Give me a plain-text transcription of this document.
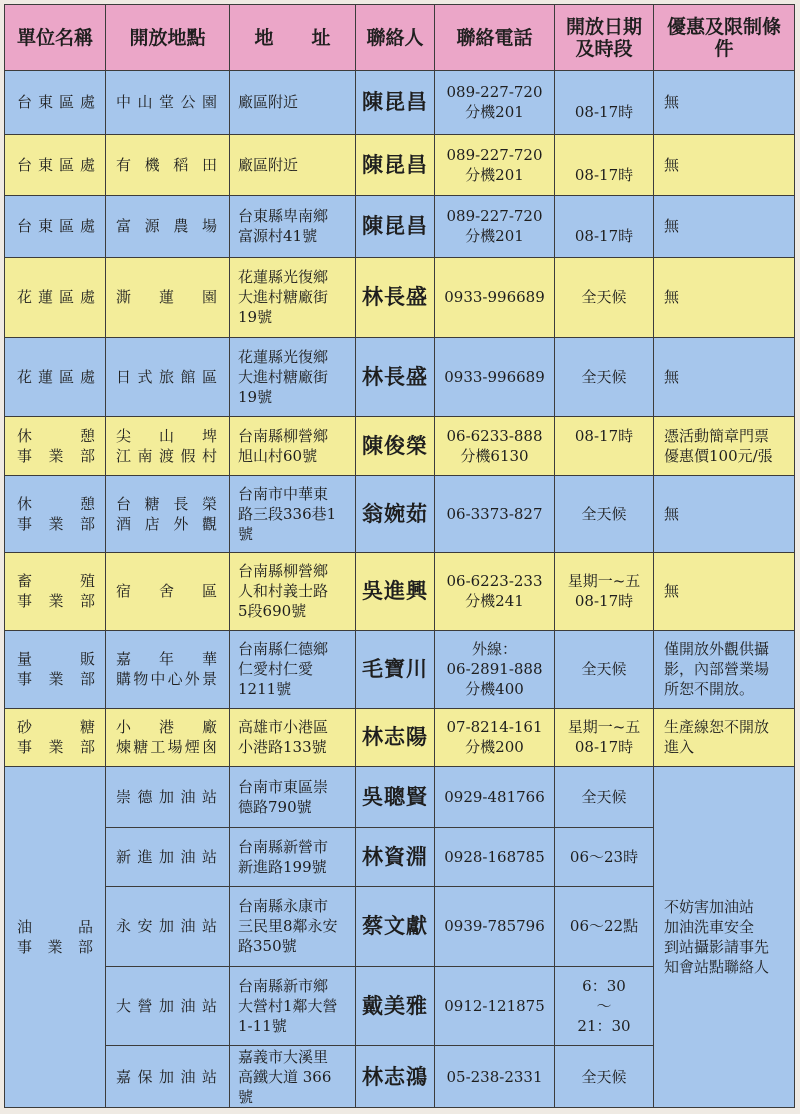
單位名稱	開放地點	地　　址	聯絡人	聯絡電話	開放日期
及時段	優惠及限制條件

台東區處	中山堂公園	廠區附近	陳昆昌	089-227-720
分機201	08-17時	無

台東區處	有機稻田	廠區附近	陳昆昌	089-227-720
分機201	08-17時	無

台東區處	富源農場	台東縣卑南鄉
富源村41號	陳昆昌	089-227-720
分機201	08-17時	無

花蓮區處	澌蓮園	花蓮縣光復鄉
大進村糖廠街
19號	林長盛	0933-996689	全天候	無

花蓮區處	日式旅館區	花蓮縣光復鄉
大進村糖廠街
19號	林長盛	0933-996689	全天候	無

休憩
事業部	尖山埤
江南渡假村	台南縣柳營鄉
旭山村60號	陳俊榮	06-6233-888
分機6130	08-17時	憑活動簡章門票
優惠價100元/張

休憩
事業部	台糖長榮
酒店外觀	台南市中華東
路三段336巷1
號	翁婉茹	06-3373-827	全天候	無

畜殖
事業部	宿舍區	台南縣柳營鄉
人和村義士路
5段690號	吳進興	06-6223-233
分機241	星期一~五
08-17時	無

量販
事業部	嘉年華
購物中心外景	台南縣仁德鄉
仁愛村仁愛
1211號	毛寶川	外線：
06-2891-888
分機400	全天候	僅開放外觀供攝
影，內部營業場
所恕不開放。

砂糖
事業部	小港廠
煉糖工場煙囪	高雄市小港區
小港路133號	林志陽	07-8214-161
分機200	星期一~五
08-17時	生產線恕不開放
進入

油品
事業部	崇德加油站	台南市東區崇
德路790號	吳聰賢	0929-481766	全天候	不妨害加油站
加油洗車安全
到站攝影請事先
知會站點聯絡人

	新進加油站	台南縣新營市
新進路199號	林資淵	0928-168785	06～23時	

	永安加油站	台南縣永康市
三民里8鄰永安
路350號	蔡文獻	0939-785796	06～22點	

	大營加油站	台南縣新市鄉
大營村1鄰大營
1-11號	戴美雅	0912-121875	6：30
～
21：30	

	嘉保加油站	嘉義市大溪里
高鐵大道 366
號	林志鴻	05-238-2331	全天候	
